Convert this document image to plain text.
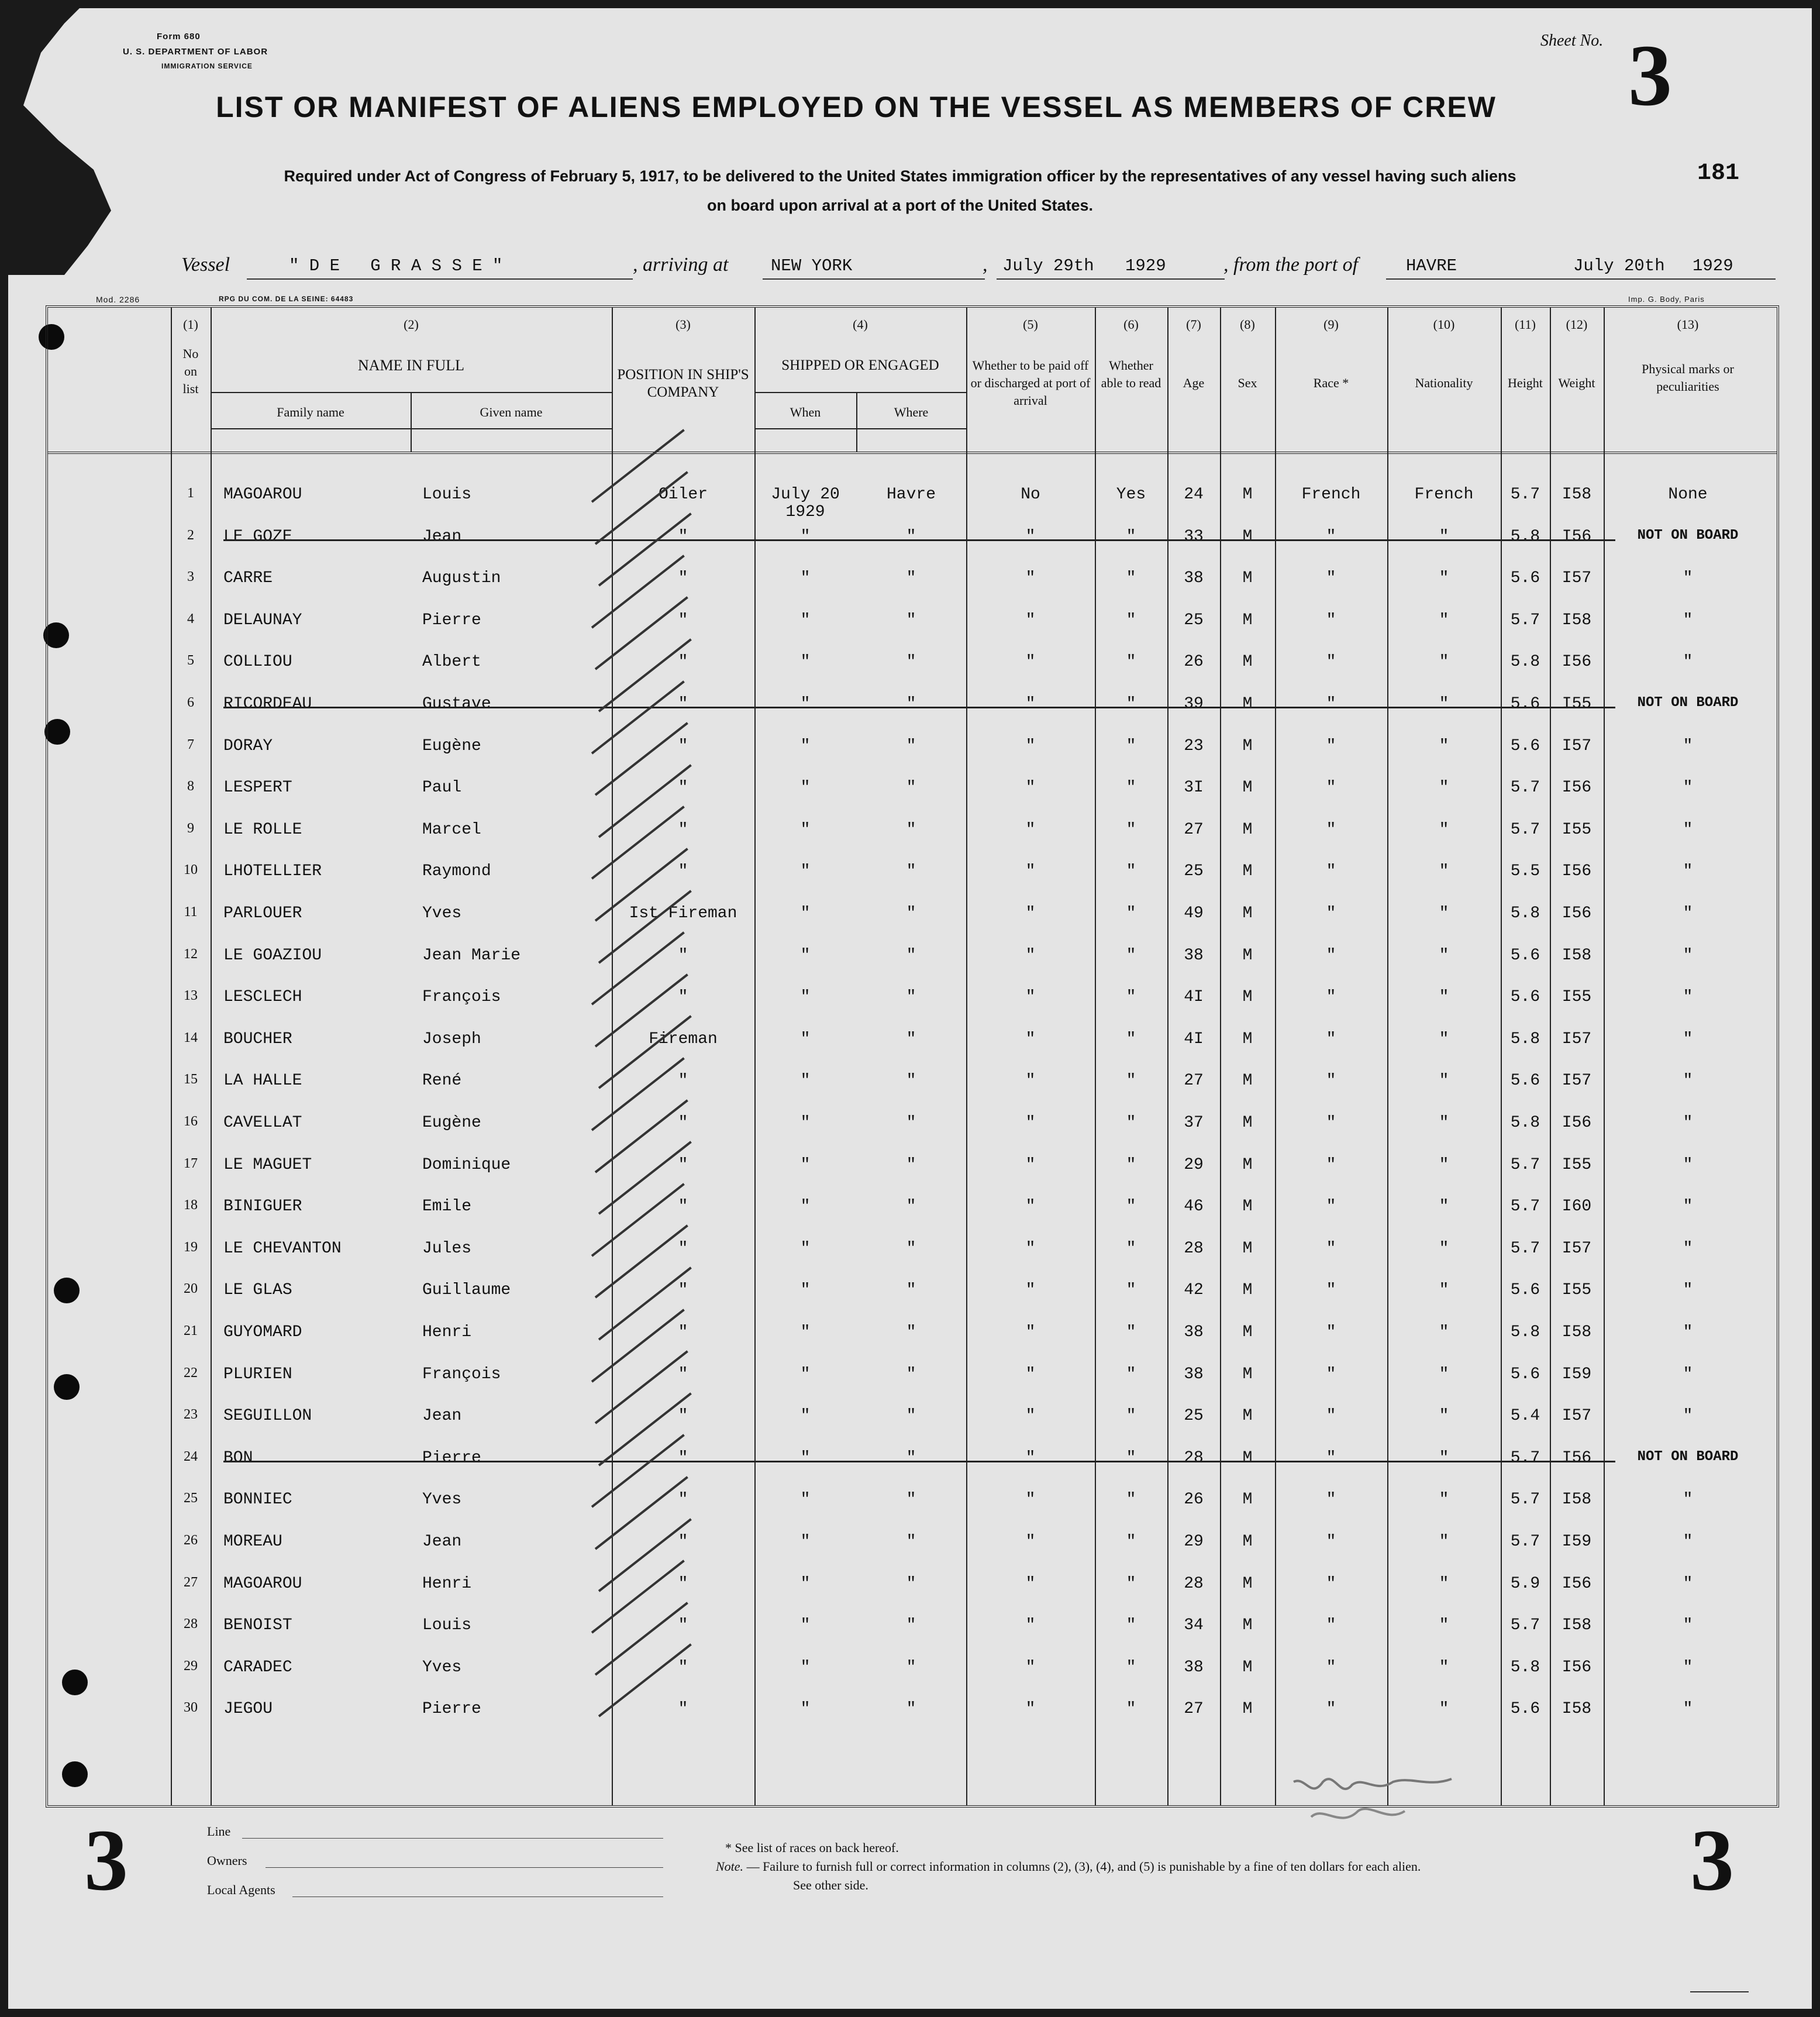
Form 680
U. S. DEPARTMENT OF LABOR
IMMIGRATION SERVICE
Sheet No. 3
LIST OR MANIFEST OF ALIENS EMPLOYED ON THE VESSEL AS MEMBERS OF CREW
Required under Act of Congress of February 5, 1917, to be delivered to the United States immigration officer by the representatives of any vessel having such aliens
on board upon arrival at a port of the United States.
181
Vessel	" D E   G R A S S E "	, arriving at	NEW YORK	, July 29th 1929	, from the port of	HAVRE	July 20th 1929
Mod. 2286	RPG DU COM. DE LA SEINE: 64483	Imp. G. Body, Paris
(1)
No on list
(2)
NAME IN FULL
Family name	Given name
(3)
POSITION IN SHIP'S COMPANY
(4)
SHIPPED OR ENGAGED
When	Where
(5)
Whether to be paid off or discharged at port of arrival
(6)
Whether able to read
(7)
Age
(8)
Sex
(9)
Race *
(10)
Nationality
(11)
Height
(12)
Weight
(13)
Physical marks or peculiarities
1	MAGOAROU	Louis	Oiler	July 20	Havre	No	Yes	24	M	French	French	5.7	I58	None
1929
2	LE GOZE	Jean	"	"	"	"	"	33	M	"	"	5.8	I56	NOT ON BOARD
3	CARRE	Augustin	"	"	"	"	"	38	M	"	"	5.6	I57	"
4	DELAUNAY	Pierre	"	"	"	"	"	25	M	"	"	5.7	I58	"
5	COLLIOU	Albert	"	"	"	"	"	26	M	"	"	5.8	I56	"
6	RICORDEAU	Gustave	"	"	"	"	"	39	M	"	"	5.6	I55	NOT ON BOARD
7	DORAY	Eugène	"	"	"	"	"	23	M	"	"	5.6	I57	"
8	LESPERT	Paul	"	"	"	"	"	3I	M	"	"	5.7	I56	"
9	LE ROLLE	Marcel	"	"	"	"	"	27	M	"	"	5.7	I55	"
10	LHOTELLIER	Raymond	"	"	"	"	"	25	M	"	"	5.5	I56	"
11	PARLOUER	Yves	Ist Fireman	"	"	"	"	49	M	"	"	5.8	I56	"
12	LE GOAZIOU	Jean Marie	"	"	"	"	"	38	M	"	"	5.6	I58	"
13	LESCLECH	François	"	"	"	"	"	4I	M	"	"	5.6	I55	"
14	BOUCHER	Joseph	Fireman	"	"	"	"	4I	M	"	"	5.8	I57	"
15	LA HALLE	René	"	"	"	"	"	27	M	"	"	5.6	I57	"
16	CAVELLAT	Eugène	"	"	"	"	"	37	M	"	"	5.8	I56	"
17	LE MAGUET	Dominique	"	"	"	"	"	29	M	"	"	5.7	I55	"
18	BINIGUER	Emile	"	"	"	"	"	46	M	"	"	5.7	I60	"
19	LE CHEVANTON	Jules	"	"	"	"	"	28	M	"	"	5.7	I57	"
20	LE GLAS	Guillaume	"	"	"	"	"	42	M	"	"	5.6	I55	"
21	GUYOMARD	Henri	"	"	"	"	"	38	M	"	"	5.8	I58	"
22	PLURIEN	François	"	"	"	"	"	38	M	"	"	5.6	I59	"
23	SEGUILLON	Jean	"	"	"	"	"	25	M	"	"	5.4	I57	"
24	BON	Pierre	"	"	"	"	"	28	M	"	"	5.7	I56	NOT ON BOARD
25	BONNIEC	Yves	"	"	"	"	"	26	M	"	"	5.7	I58	"
26	MOREAU	Jean	"	"	"	"	"	29	M	"	"	5.7	I59	"
27	MAGOAROU	Henri	"	"	"	"	"	28	M	"	"	5.9	I56	"
28	BENOIST	Louis	"	"	"	"	"	34	M	"	"	5.7	I58	"
29	CARADEC	Yves	"	"	"	"	"	38	M	"	"	5.8	I56	"
30	JEGOU	Pierre	"	"	"	"	"	27	M	"	"	5.6	I58	"
3	3
Line
Owners
Local Agents
* See list of races on back hereof.
Note. — Failure to furnish full or correct information in columns (2), (3), (4), and (5) is punishable by a fine of ten dollars for each alien.
See other side.
